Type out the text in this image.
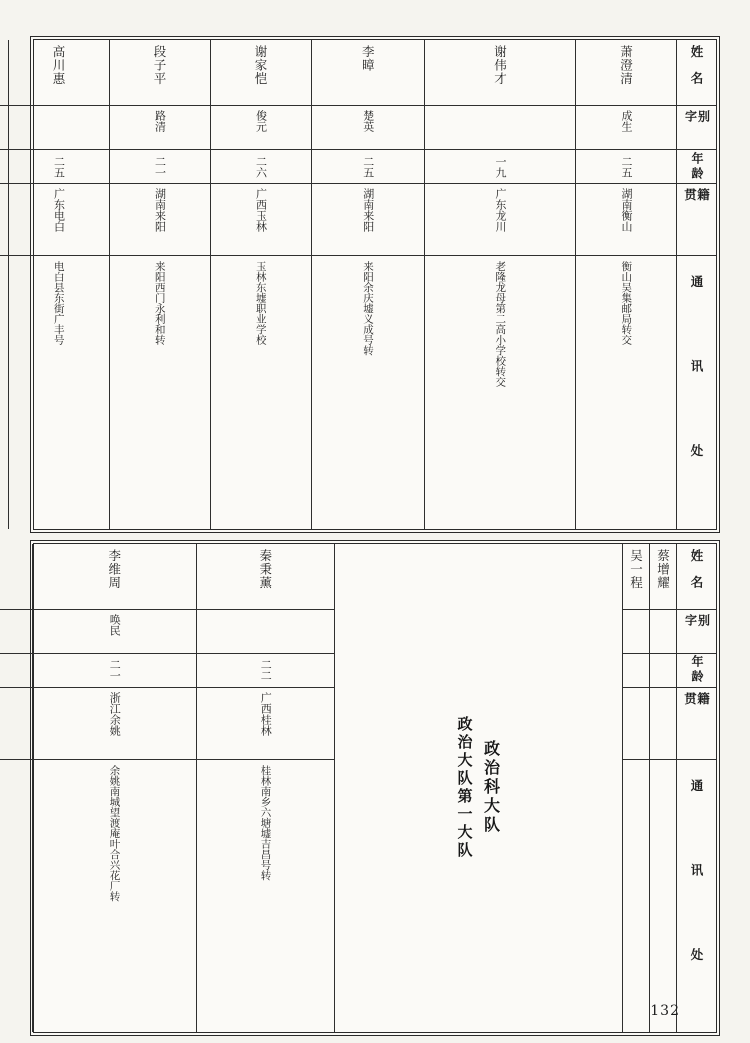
姓名
别字
年龄
籍贯
通讯处
萧澄清
成生
二五
湖南衡山
衡山吴集邮局转交
谢伟才
一九
广东龙川
老隆龙母第二高小学校转交
李暲
楚英
二五
湖南来阳
来阳余庆墟义成号转
谢家恺
俊元
二六
广西玉林
玉林东墟职业学校
段子平
路清
二一
湖南来阳
来阳西门永利和转
高川惠
二五
广东电白
电白县东街广丰号
姓名
别字
年龄
籍贯
通讯处
蔡增耀
吴一程
政治科大队
政治大队第一大队
秦秉薰
二二
广西桂林
桂林南乡六塘墟吉昌号转
李维周
唤民
二一
浙江余姚
余姚南城望渡庵叶合兴花厂转
132
